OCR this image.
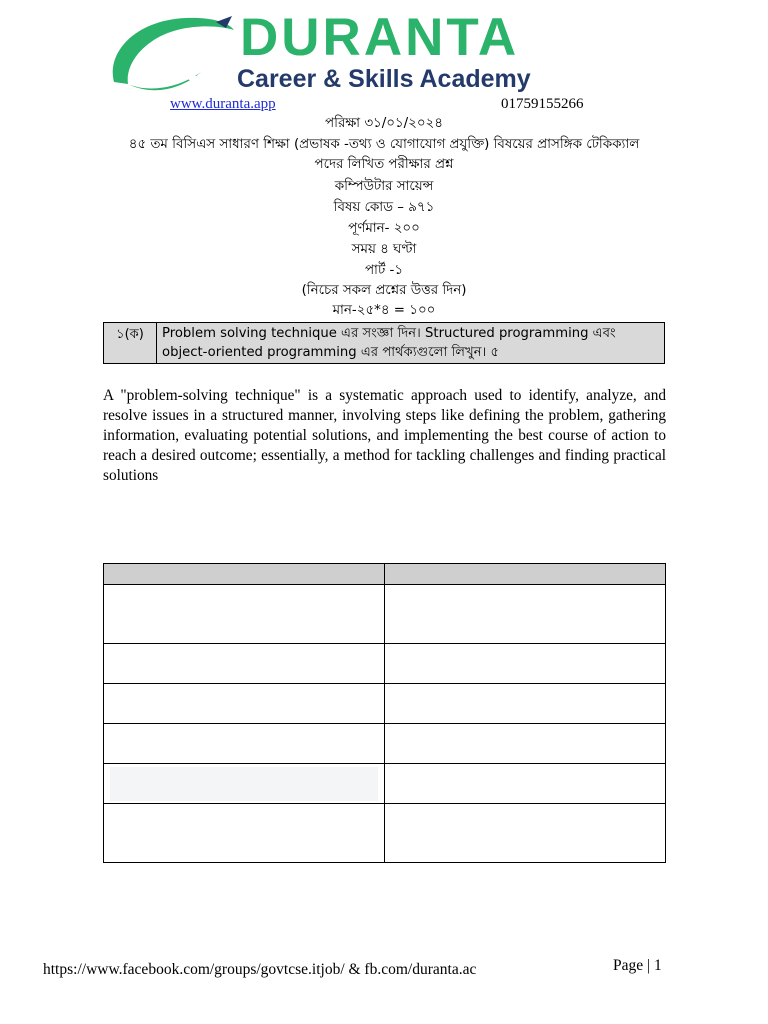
DURANTA
Career & Skills Academy
www.duranta.app	01759155266
পরিক্ষা ৩১/০১/২০২৪
৪৫ তম বিসিএস সাধারণ শিক্ষা (প্রভাষক -তথ্য ও যোগাযোগ প্রযুক্তি) বিষয়ের প্রাসঙ্গিক টেকিক্যাল
পদের লিখিত পরীক্ষার প্রশ্ন
কম্পিউটার সায়েন্স
বিষয় কোড – ৯৭১
পূর্ণমান- ২০০
সময় ৪ ঘণ্টা
পার্ট -১
(নিচের সকল প্রশ্নের উত্তর দিন)
মান-২৫*৪ = ১০০
১(ক)	Problem solving technique এর সংজ্ঞা দিন। Structured programming এবং
object-oriented programming এর পার্থক্যগুলো লিখুন। ৫
A "problem-solving technique" is a systematic approach used to identify, analyze, and resolve issues in a structured manner, involving steps like defining the problem, gathering information, evaluating potential solutions, and implementing the best course of action to reach a desired outcome; essentially, a method for tackling challenges and finding practical solutions

https://www.facebook.com/groups/govtcse.itjob/ & fb.com/duranta.ac	Page | 1
